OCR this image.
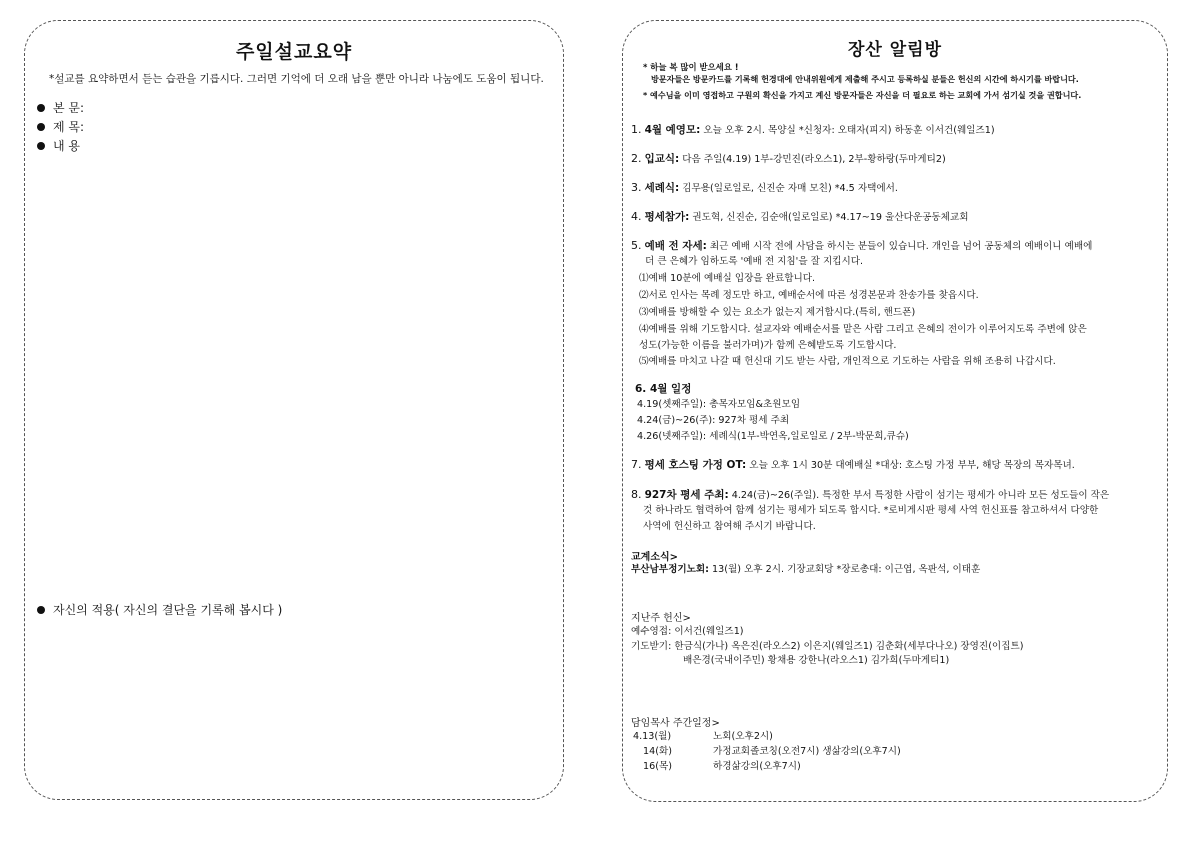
주일설교요약
*설교를 요약하면서 듣는 습관을 기릅시다. 그러면 기억에 더 오래 남을 뿐만 아니라 나눔에도 도움이 됩니다.
본 문:
제 목:
내 용
자신의 적용( 자신의 결단을 기록해 봅시다 )
장산 알림방
* 하늘 복 많이 받으세요 !
방문자들은 방문카드를 기록해 헌경대에 안내위원에게 제출해 주시고 등록하실 분들은 헌신의 시간에 하시기를 바랍니다.
* 예수님을 이미 영접하고 구원의 확신을 가지고 계신 방문자들은 자신을 더 필요로 하는 교회에 가서 섬기실 것을 권합니다.
1. 4월 예영모: 오늘 오후 2시. 목양실 *신청자: 오태자(피지) 하동훈 이서건(웨일즈1)
2. 입교식: 다음 주일(4.19) 1부-강민진(라오스1), 2부-황하랑(두마게티2)
3. 세례식: 김무용(일로일로, 신진순 자매 모친) *4.5 자택에서.
4. 평세참가: 권도혁, 신진순, 김순애(일로일로) *4.17~19 울산다운공동체교회
5. 예배 전 자세: 최근 예배 시작 전에 사담을 하시는 분들이 있습니다. 개인을 넘어 공동체의 예배이니 예배에
더 큰 은혜가 임하도록 '예배 전 지침'을 잘 지킵시다.
⑴예배 10분에 예배실 입장을 완료합니다.
⑵서로 인사는 목례 정도만 하고, 예배순서에 따른 성경본문과 찬송가를 찾읍시다.
⑶예배를 방해할 수 있는 요소가 없는지 제거합시다.(특히, 핸드폰)
⑷예배를 위해 기도합시다. 설교자와 예배순서를 맡은 사람 그리고 은혜의 전이가 이루어지도록 주변에 앉은
성도(가능한 이름을 불러가며)가 함께 은혜받도록 기도합시다.
⑸예배를 마치고 나갈 때 헌신대 기도 받는 사람, 개인적으로 기도하는 사람을 위해 조용히 나갑시다.
6. 4월 일정
4.19(셋째주일): 총목자모임&초원모임
4.24(금)~26(주): 927차 평세 주최
4.26(넷째주일): 세례식(1부-박연옥,일로일로 / 2부-박문희,큐슈)
7. 평세 호스팅 가정 OT: 오늘 오후 1시 30분 대예배실 *대상: 호스팅 가정 부부, 해당 목장의 목자목녀.
8. 927차 평세 주최: 4.24(금)~26(주일). 특정한 부서 특정한 사람이 섬기는 평세가 아니라 모든 성도들이 작은
것 하나라도 협력하여 함께 섬기는 평세가 되도록 합시다. *로비게시판 평세 사역 헌신표를 참고하셔서 다양한
사역에 헌신하고 참여해 주시기 바랍니다.
교계소식>
부산남부정기노회: 13(월) 오후 2시. 기장교회당 *장로총대: 이근엽, 옥판석, 이태훈
지난주 헌신>
예수영접: 이서건(웨일즈1)
기도받기: 한금식(가나) 옥은진(라오스2) 이은지(웨일즈1) 김춘화(세부다나오) 장영진(이집트)
배은경(국내이주민) 황채용 강한나(라오스1) 김가희(두마게티1)
담임목사 주간일정>
4.13(월)	노회(오후2시)
14(화)	가정교회졸코칭(오전7시) 생삶강의(오후7시)
16(목)	하경삶강의(오후7시)
